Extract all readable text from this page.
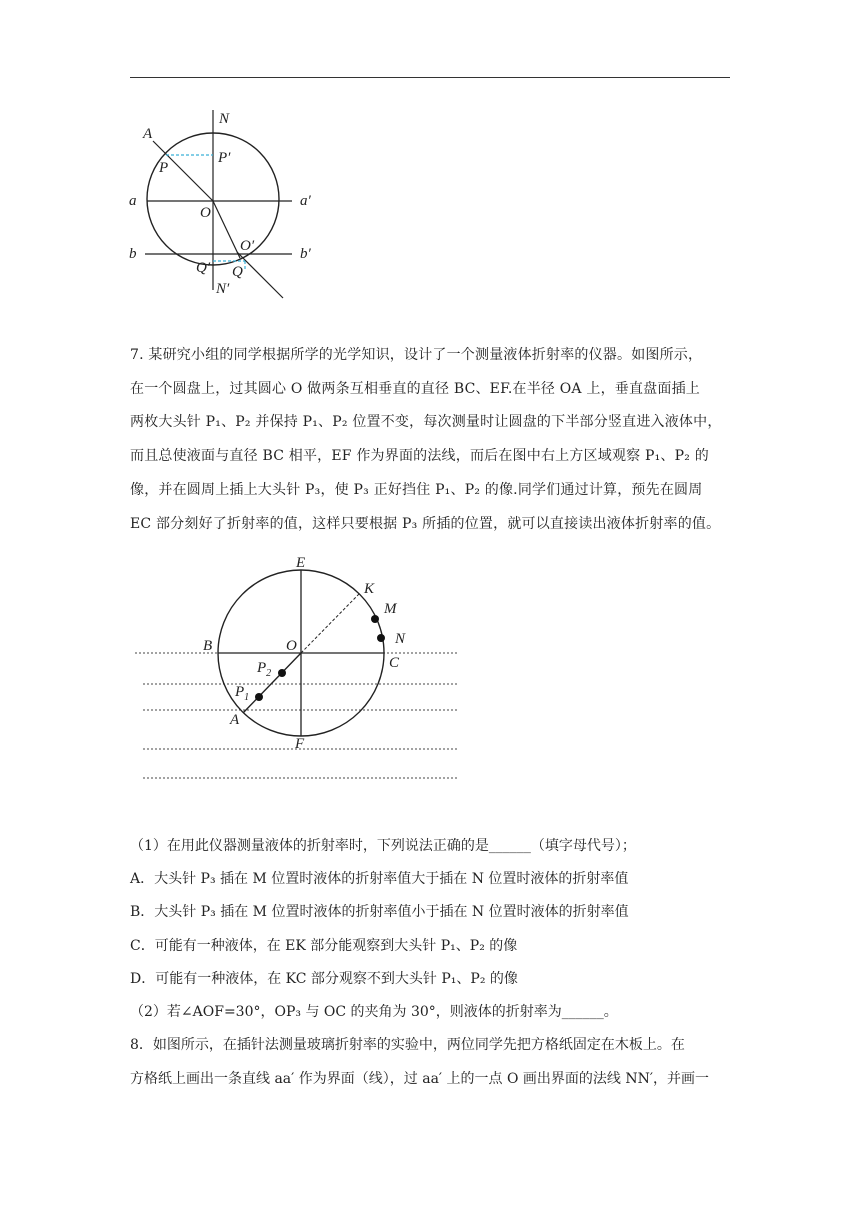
N
A
P′
P
a
O
a′
b	O′	b′
Q′ Q
N′
7. 某研究小组的同学根据所学的光学知识，设计了一个测量液体折射率的仪器。如图所示，
在一个圆盘上，过其圆心 O 做两条互相垂直的直径 BC、EF.在半径 OA 上，垂直盘面插上
两枚大头针 P₁、P₂ 并保持 P₁、P₂ 位置不变，每次测量时让圆盘的下半部分竖直进入液体中，
而且总使液面与直径 BC 相平，EF 作为界面的法线，而后在图中右上方区域观察 P₁、P₂ 的
像，并在圆周上插上大头针 P₃，使 P₃ 正好挡住 P₁、P₂ 的像.同学们通过计算，预先在圆周
EC 部分刻好了折射率的值，这样只要根据 P₃ 所插的位置，就可以直接读出液体折射率的值。
E
K
M
N
B	O
C
$P_2$
$P_1$
A
F
（1）在用此仪器测量液体的折射率时，下列说法正确的是______（填字母代号）；
A．大头针 P₃ 插在 M 位置时液体的折射率值大于插在 N 位置时液体的折射率值
B．大头针 P₃ 插在 M 位置时液体的折射率值小于插在 N 位置时液体的折射率值
C．可能有一种液体，在 EK 部分能观察到大头针 P₁、P₂ 的像
D．可能有一种液体，在 KC 部分观察不到大头针 P₁、P₂ 的像
（2）若∠AOF=30°，OP₃ 与 OC 的夹角为 30°，则液体的折射率为______。
8．如图所示，在插针法测量玻璃折射率的实验中，两位同学先把方格纸固定在木板上。在
方格纸上画出一条直线 aa′ 作为界面（线），过 aa′ 上的一点 O 画出界面的法线 NN′，并画一
